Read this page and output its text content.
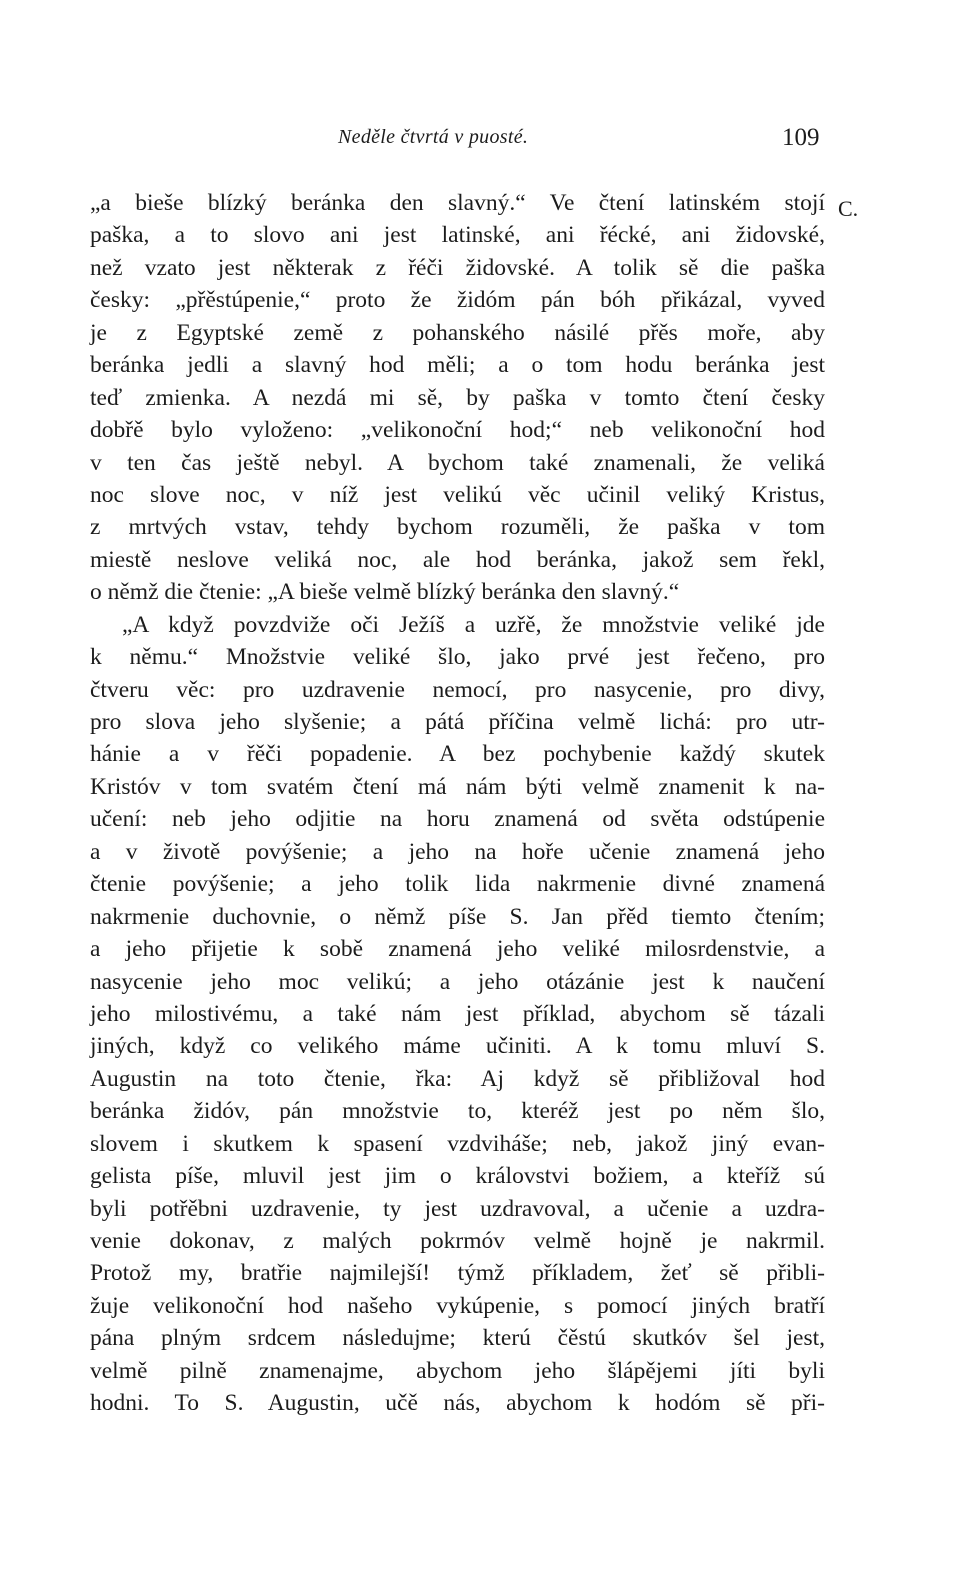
Neděle čtvrtá v puosté.	109
C.
„a bieše blízký beránka den slavný.“ Ve čtení latinském stojí
paška, a to slovo ani jest latinské, ani řécké, ani židovské,
než vzato jest některak z řéči židovské. A tolik sě die paška
česky: „přěstúpenie,“ proto že židóm pán bóh přikázal, vyved
je z Egyptské země z pohanského násilé přěs moře, aby
beránka jedli a slavný hod měli; a o tom hodu beránka jest
teď zmienka. A nezdá mi sě, by paška v tomto čtení česky
dobřě bylo vyloženo: „velikonoční hod;“ neb velikonoční hod
v ten čas ještě nebyl. A bychom také znamenali, že veliká
noc slove noc, v níž jest velikú věc učinil veliký Kristus,
z mrtvých vstav, tehdy bychom rozuměli, že paška v tom
miestě neslove veliká noc, ale hod beránka, jakož sem řekl,
o němž die čtenie: „A bieše velmě blízký beránka den slavný.“
„A když povzdviže oči Ježíš a uzřě, že množstvie veliké jde
k němu.“ Množstvie veliké šlo, jako prvé jest řečeno, pro
čtveru věc: pro uzdravenie nemocí, pro nasycenie, pro divy,
pro slova jeho slyšenie; a pátá příčina velmě lichá: pro utr-
hánie a v řěči popadenie. A bez pochybenie každý skutek
Kristóv v tom svatém čtení má nám býti velmě znamenit k na-
učení: neb jeho odjitie na horu znamená od světa odstúpenie
a v životě povýšenie; a jeho na hoře učenie znamená jeho
čtenie povýšenie; a jeho tolik lida nakrmenie divné znamená
nakrmenie duchovnie, o němž píše S. Jan přěd tiemto čtením;
a jeho přijetie k sobě znamená jeho veliké milosrdenstvie, a
nasycenie jeho moc velikú; a jeho otázánie jest k naučení
jeho milostivému, a také nám jest příklad, abychom sě tázali
jiných, když co velikého máme učiniti. A k tomu mluví S.
Augustin na toto čtenie, řka: Aj když sě přibližoval hod
beránka židóv, pán množstvie to, kteréž jest po něm šlo,
slovem i skutkem k spasení vzdviháše; neb, jakož jiný evan-
gelista píše, mluvil jest jim o královstvi božiem, a kteříž sú
byli potřěbni uzdravenie, ty jest uzdravoval, a učenie a uzdra-
venie dokonav, z malých pokrmóv velmě hojně je nakrmil.
Protož my, bratřie najmilejší! týmž příkladem, žeť sě přibli-
žuje velikonoční hod našeho vykúpenie, s pomocí jiných bratří
pána plným srdcem následujme; kterú čěstú skutkóv šel jest,
velmě pilně znamenajme, abychom jeho šlápějemi jíti byli
hodni. To S. Augustin, učě nás, abychom k hodóm sě při-
